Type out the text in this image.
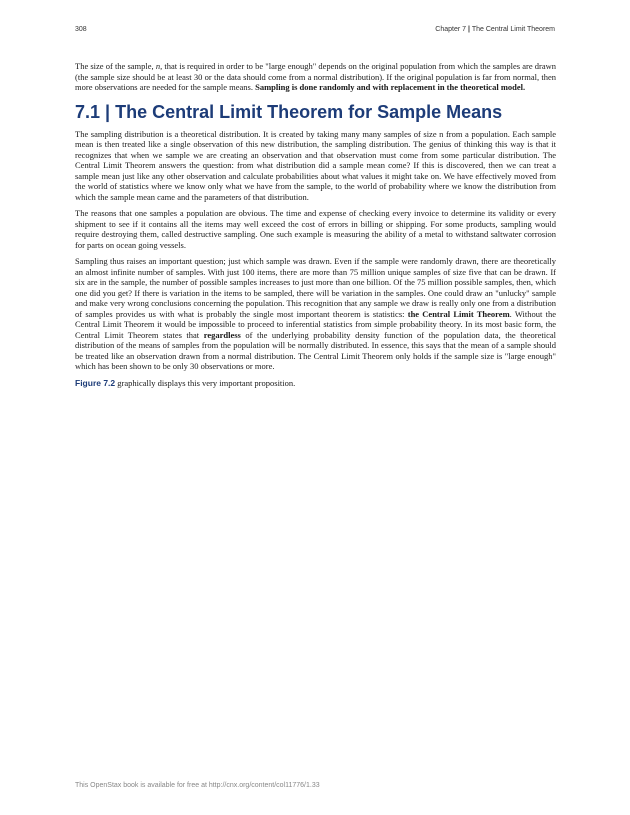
308	Chapter 7 | The Central Limit Theorem

The size of the sample, n, that is required in order to be "large enough" depends on the original population from which the samples are drawn (the sample size should be at least 30 or the data should come from a normal distribution). If the original population is far from normal, then more observations are needed for the sample means. Sampling is done randomly and with replacement in the theoretical model.

7.1 | The Central Limit Theorem for Sample Means

The sampling distribution is a theoretical distribution. It is created by taking many many samples of size n from a population. Each sample mean is then treated like a single observation of this new distribution, the sampling distribution. The genius of thinking this way is that it recognizes that when we sample we are creating an observation and that observation must come from some particular distribution. The Central Limit Theorem answers the question: from what distribution did a sample mean come? If this is discovered, then we can treat a sample mean just like any other observation and calculate probabilities about what values it might take on. We have effectively moved from the world of statistics where we know only what we have from the sample, to the world of probability where we know the distribution from which the sample mean came and the parameters of that distribution.

The reasons that one samples a population are obvious. The time and expense of checking every invoice to determine its validity or every shipment to see if it contains all the items may well exceed the cost of errors in billing or shipping. For some products, sampling would require destroying them, called destructive sampling. One such example is measuring the ability of a metal to withstand saltwater corrosion for parts on ocean going vessels.

Sampling thus raises an important question; just which sample was drawn. Even if the sample were randomly drawn, there are theoretically an almost infinite number of samples. With just 100 items, there are more than 75 million unique samples of size five that can be drawn. If six are in the sample, the number of possible samples increases to just more than one billion. Of the 75 million possible samples, then, which one did you get? If there is variation in the items to be sampled, there will be variation in the samples. One could draw an "unlucky" sample and make very wrong conclusions concerning the population. This recognition that any sample we draw is really only one from a distribution of samples provides us with what is probably the single most important theorem is statistics: the Central Limit Theorem. Without the Central Limit Theorem it would be impossible to proceed to inferential statistics from simple probability theory. In its most basic form, the Central Limit Theorem states that regardless of the underlying probability density function of the population data, the theoretical distribution of the means of samples from the population will be normally distributed. In essence, this says that the mean of a sample should be treated like an observation drawn from a normal distribution. The Central Limit Theorem only holds if the sample size is "large enough" which has been shown to be only 30 observations or more.

Figure 7.2 graphically displays this very important proposition.

This OpenStax book is available for free at http://cnx.org/content/col11776/1.33
